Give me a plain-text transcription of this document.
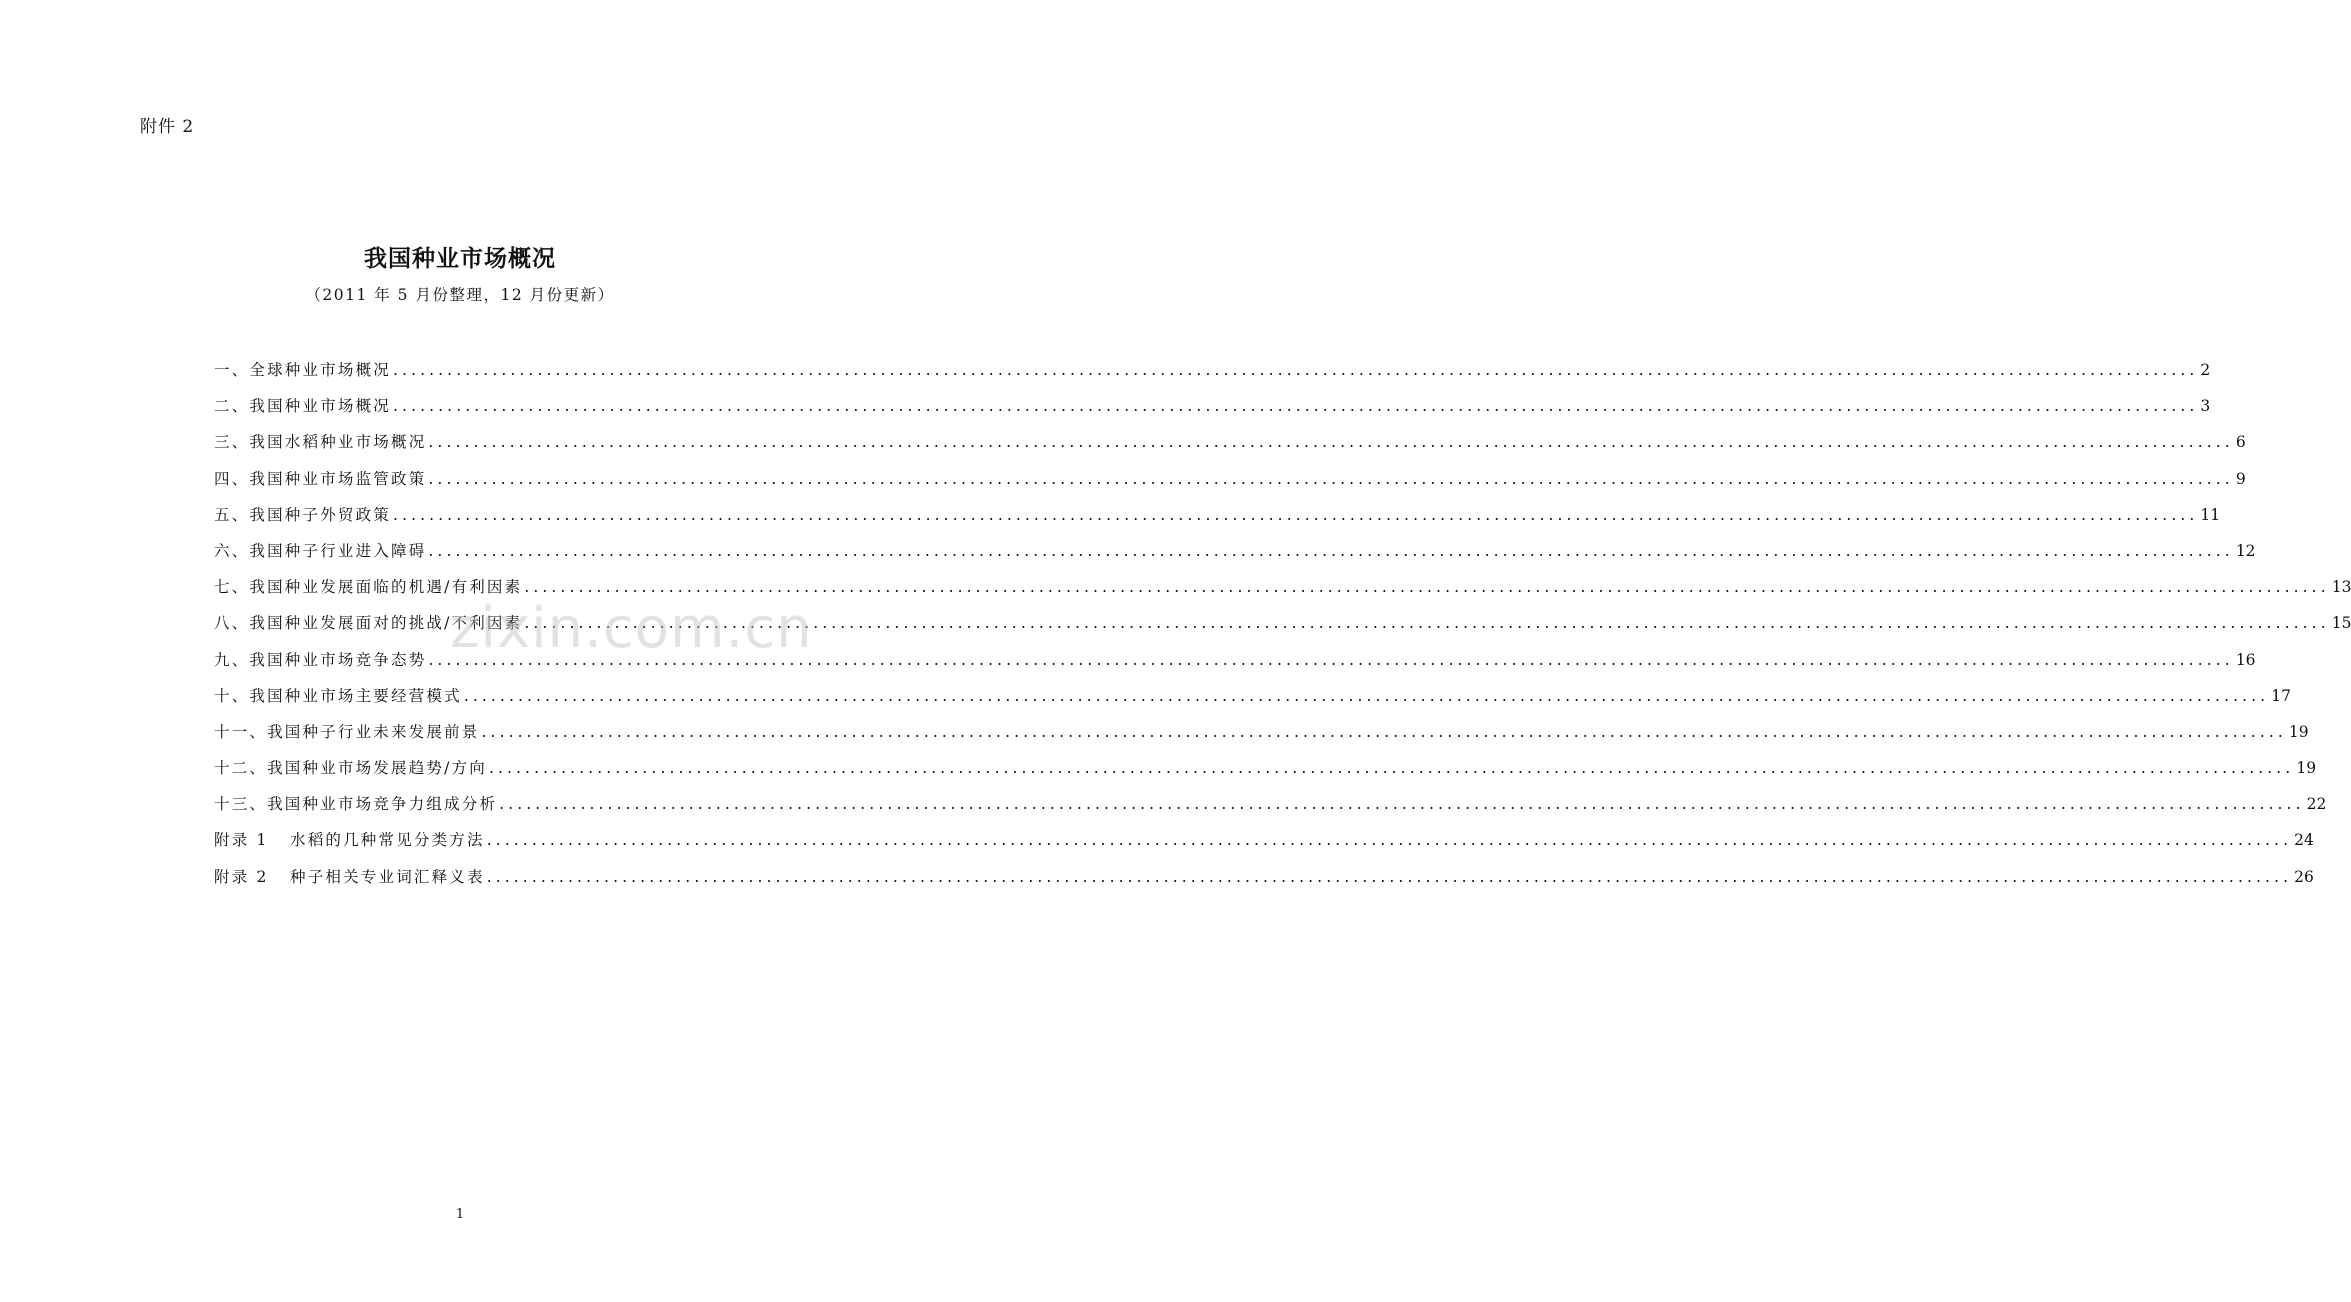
附件 2
我国种业市场概况
（2011 年 5 月份整理，12 月份更新）
一、全球种业市场概况 ........................................................................................................................................................................................................ 2
二、我国种业市场概况 ........................................................................................................................................................................................................ 3
三、我国水稻种业市场概况 ........................................................................................................................................................................................................ 6
四、我国种业市场监管政策 ........................................................................................................................................................................................................ 9
五、我国种子外贸政策 ........................................................................................................................................................................................................ 11
六、我国种子行业进入障碍 ........................................................................................................................................................................................................ 12
七、我国种业发展面临的机遇/有利因素 ........................................................................................................................................................................................................ 13
八、我国种业发展面对的挑战/不利因素 ........................................................................................................................................................................................................ 15
九、我国种业市场竞争态势 ........................................................................................................................................................................................................ 16
十、我国种业市场主要经营模式 ........................................................................................................................................................................................................ 17
十一、我国种子行业未来发展前景 ........................................................................................................................................................................................................ 19
十二、我国种业市场发展趋势/方向 ........................................................................................................................................................................................................ 19
十三、我国种业市场竞争力组成分析 ........................................................................................................................................................................................................ 22
附录 1 水稻的几种常见分类方法 ........................................................................................................................................................................................................ 24
附录 2 种子相关专业词汇释义表 ........................................................................................................................................................................................................ 26
zixin.com.cn
1
